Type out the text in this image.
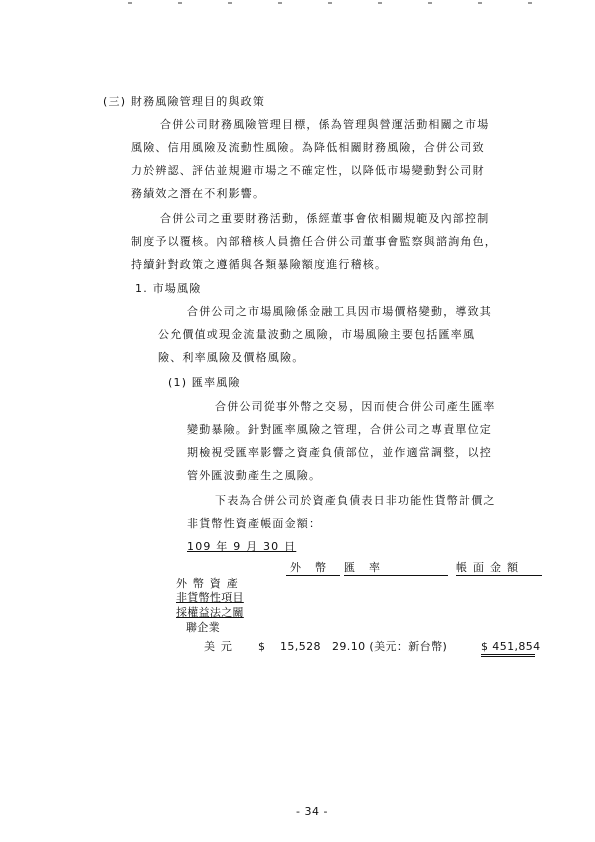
(三) 財務風險管理目的與政策
合併公司財務風險管理目標，係為管理與營運活動相關之市場
風險、信用風險及流動性風險。為降低相關財務風險，合併公司致
力於辨認、評估並規避市場之不確定性，以降低市場變動對公司財
務績效之潛在不利影響。
合併公司之重要財務活動，係經董事會依相關規範及內部控制
制度予以覆核。內部稽核人員擔任合併公司董事會監察與諮詢角色，
持續針對政策之遵循與各類暴險額度進行稽核。
1. 市場風險
合併公司之市場風險係金融工具因市場價格變動，導致其
公允價值或現金流量波動之風險，市場風險主要包括匯率風
險、利率風險及價格風險。
(1) 匯率風險
合併公司從事外幣之交易，因而使合併公司產生匯率
變動暴險。針對匯率風險之管理，合併公司之專責單位定
期檢視受匯率影響之資產負債部位，並作適當調整，以控
管外匯波動產生之風險。
下表為合併公司於資產負債表日非功能性貨幣計價之
非貨幣性資產帳面金額：
109 年 9 月 30 日
外幣 匯率	帳面金額
外 幣 資 產
非貨幣性項目
採權益法之關
聯企業
美 元 $ 15,528 29.10 (美元：新台幣)	$ 451,854
- 34 -
